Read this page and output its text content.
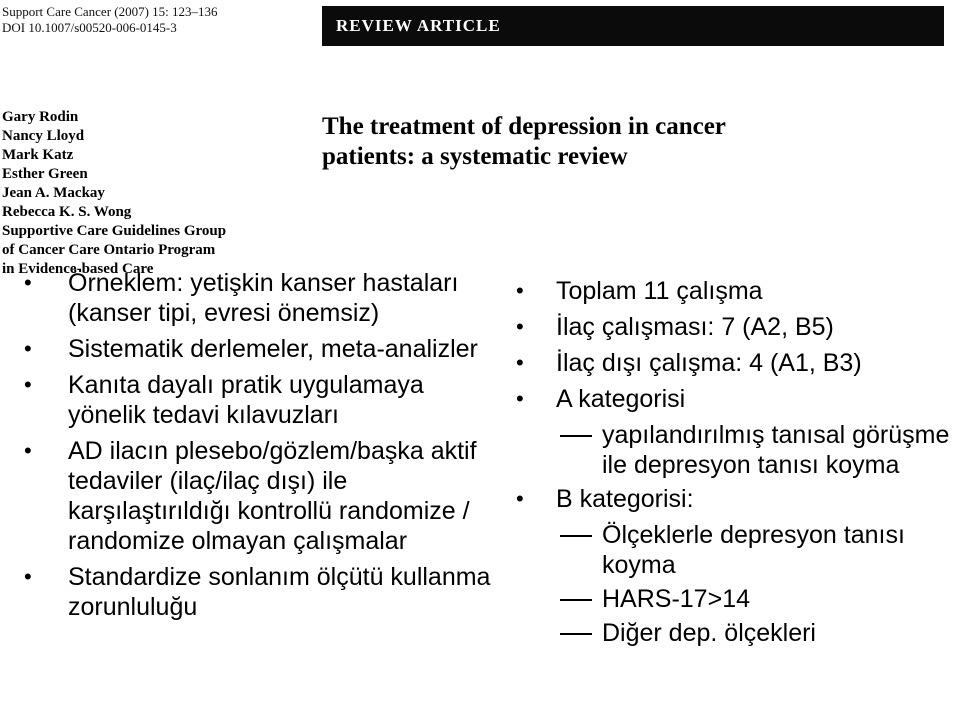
Support Care Cancer (2007) 15: 123–136
DOI 10.1007/s00520-006-0145-3	REVIEW ARTICLE
Gary Rodin
Nancy Lloyd
Mark Katz
Esther Green
Jean A. Mackay
Rebecca K. S. Wong
Supportive Care Guidelines Group
of Cancer Care Ontario Program
in Evidence-based Care
The treatment of depression in cancer
patients: a systematic review
• Örneklem: yetişkin kanser hastaları (kanser tipi, evresi önemsiz)
• Sistematik derlemeler, meta-analizler
• Kanıta dayalı pratik uygulamaya yönelik tedavi kılavuzları
• AD ilacın plesebo/gözlem/başka aktif tedaviler (ilaç/ilaç dışı) ile karşılaştırıldığı kontrollü randomize / randomize olmayan çalışmalar
• Standardize sonlanım ölçütü kullanma zorunluluğu
• Toplam 11 çalışma
• İlaç çalışması: 7 (A2, B5)
• İlaç dışı çalışma: 4 (A1, B3)
• A kategorisi
yapılandırılmış tanısal görüşme ile depresyon tanısı koyma
• B kategorisi:
Ölçeklerle depresyon tanısı koyma
HARS-17>14
Diğer dep. ölçekleri
